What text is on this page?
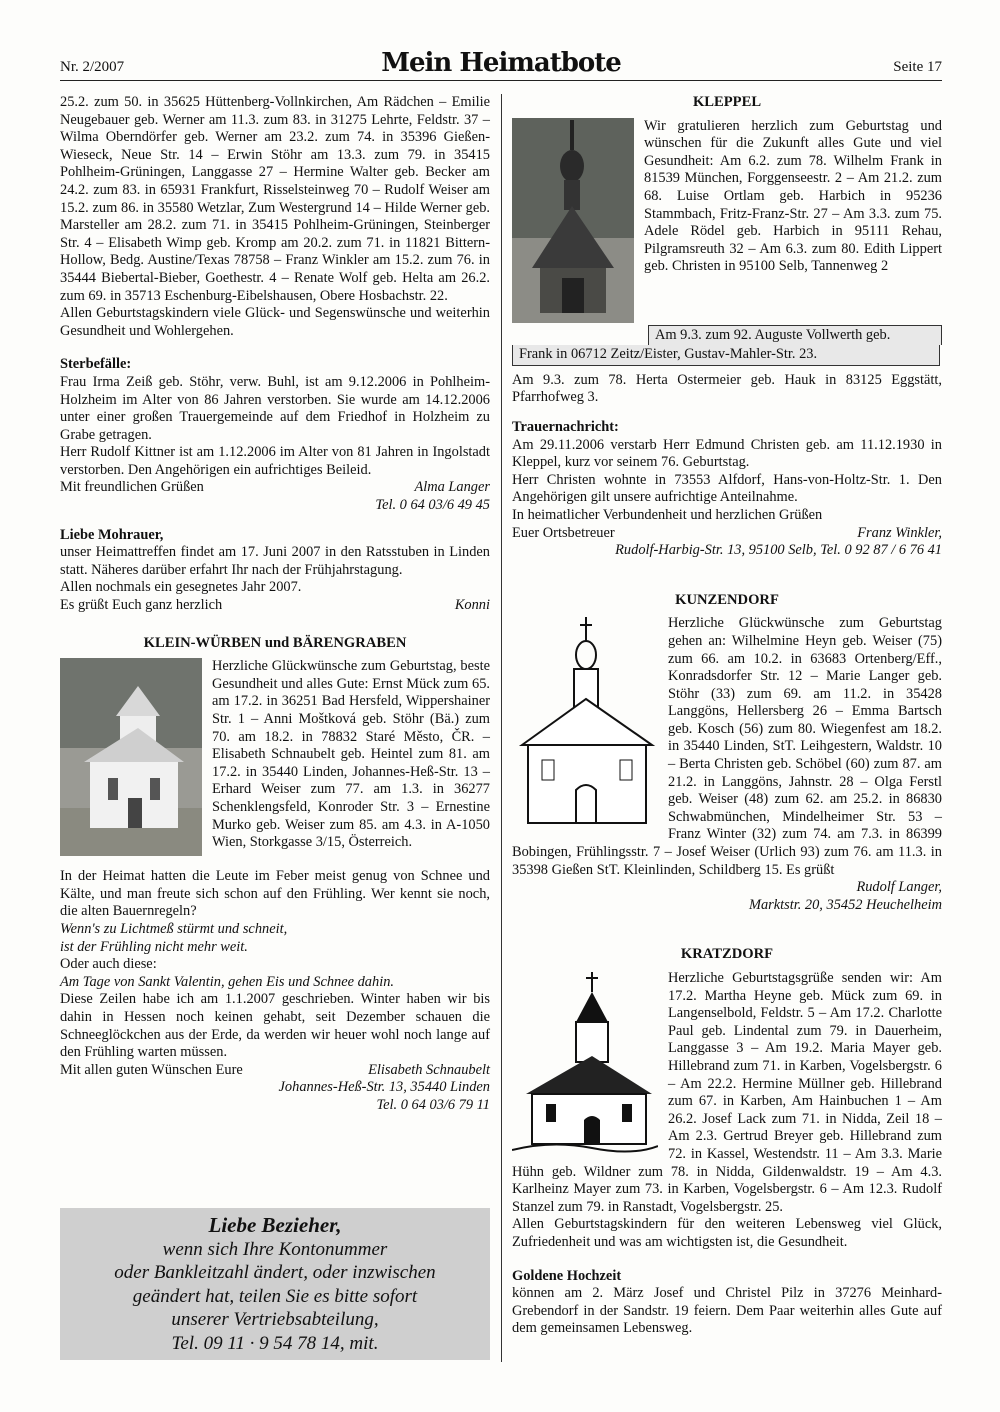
Nr. 2/2007	Mein Heimatbote	Seite 17

25.2. zum 50. in 35625 Hüttenberg-Vollnkirchen, Am Rädchen – Emilie Neugebauer geb. Werner am 11.3. zum 83. in 31275 Lehrte, Feldstr. 37 – Wilma Oberndörfer geb. Werner am 23.2. zum 74. in 35396 Gießen-Wieseck, Neue Str. 14 – Erwin Stöhr am 13.3. zum 79. in 35415 Pohlheim-Grüningen, Langgasse 27 – Hermine Walter geb. Becker am 24.2. zum 83. in 65931 Frankfurt, Risselsteinweg 70 – Rudolf Weiser am 15.2. zum 86. in 35580 Wetzlar, Zum Westergrund 14 – Hilde Werner geb. Marsteller am 28.2. zum 71. in 35415 Pohlheim-Grüningen, Steinberger Str. 4 – Elisabeth Wimp geb. Kromp am 20.2. zum 71. in 11821 Bittern-Hollow, Bedg. Austine/Texas 78758 – Franz Winkler am 15.2. zum 76. in 35444 Biebertal-Bieber, Goethestr. 4 – Renate Wolf geb. Helta am 26.2. zum 69. in 35713 Eschenburg-Eibelshausen, Obere Hosbachstr. 22.

Allen Geburtstagskindern viele Glück- und Segenswünsche und weiterhin Gesundheit und Wohlergehen.

Sterbefälle:

Frau Irma Zeiß geb. Stöhr, verw. Buhl, ist am 9.12.2006 in Pohlheim-Holzheim im Alter von 86 Jahren verstorben. Sie wurde am 14.12.2006 unter einer großen Trauergemeinde auf dem Friedhof in Holzheim zu Grabe getragen.

Herr Rudolf Kittner ist am 1.12.2006 im Alter von 81 Jahren in Ingolstadt verstorben. Den Angehörigen ein aufrichtiges Beileid.

Mit freundlichen Grüßen	Alma Langer

Tel. 0 64 03/6 49 45

Liebe Mohrauer,

unser Heimattreffen findet am 17. Juni 2007 in den Ratsstuben in Linden statt. Näheres darüber erfahrt Ihr nach der Frühjahrstagung.

Allen nochmals ein gesegnetes Jahr 2007.

Es grüßt Euch ganz herzlich	Konni

KLEIN-WÜRBEN und BÄRENGRABEN

Herzliche Glückwünsche zum Geburtstag, beste Gesundheit und alles Gute: Ernst Mück zum 65. am 17.2. in 36251 Bad Hersfeld, Wippershainer Str. 1 – Anni Moštková geb. Stöhr (Bä.) zum 70. am 18.2. in 78832 Staré Město, ČR. – Elisabeth Schnaubelt geb. Heintel zum 81. am 17.2. in 35440 Linden, Johannes-Heß-Str. 13 – Erhard Weiser zum 77. am 1.3. in 36277 Schenklengsfeld, Konroder Str. 3 – Ernestine Murko geb. Weiser zum 85. am 4.3. in A-1050 Wien, Storkgasse 3/15, Österreich.

In der Heimat hatten die Leute im Feber meist genug von Schnee und Kälte, und man freute sich schon auf den Frühling. Wer kennt sie noch, die alten Bauernregeln?

Wenn's zu Lichtmeß stürmt und schneit,

ist der Frühling nicht mehr weit.

Oder auch diese:

Am Tage von Sankt Valentin, gehen Eis und Schnee dahin.

Diese Zeilen habe ich am 1.1.2007 geschrieben. Winter haben wir bis dahin in Hessen noch keinen gehabt, seit Dezember schauen die Schneeglöckchen aus der Erde, da werden wir heuer wohl noch lange auf den Frühling warten müssen.

Mit allen guten Wünschen Eure	Elisabeth Schnaubelt

Johannes-Heß-Str. 13, 35440 Linden

Tel. 0 64 03/6 79 11

Liebe Bezieher,
wenn sich Ihre Kontonummer
oder Bankleitzahl ändert, oder inzwischen
geändert hat, teilen Sie es bitte sofort
unserer Vertriebsabteilung,
Tel. 09 11 · 9 54 78 14, mit.

KLEPPEL

Wir gratulieren herzlich zum Geburtstag und wünschen für die Zukunft alles Gute und viel Gesundheit: Am 6.2. zum 78. Wilhelm Frank in 81539 München, Forggenseestr. 2 – Am 21.2. zum 68. Luise Ortlam geb. Harbich in 95236 Stammbach, Fritz-Franz-Str. 27 – Am 3.3. zum 75. Adele Rödel geb. Harbich in 95111 Rehau, Pilgramsreuth 32 – Am 6.3. zum 80. Edith Lippert geb. Christen in 95100 Selb, Tannenweg 2

Am 9.3. zum 92. Auguste Vollwerth geb.
Frank in 06712 Zeitz/Eister, Gustav-Mahler-Str. 23.

Am 9.3. zum 78. Herta Ostermeier geb. Hauk in 83125 Eggstätt, Pfarrhofweg 3.

Trauernachricht:

Am 29.11.2006 verstarb Herr Edmund Christen geb. am 11.12.1930 in Kleppel, kurz vor seinem 76. Geburtstag.

Herr Christen wohnte in 73553 Alfdorf, Hans-von-Holtz-Str. 1. Den Angehörigen gilt unsere aufrichtige Anteilnahme.

In heimatlicher Verbundenheit und herzlichen Grüßen

Euer Ortsbetreuer	Franz Winkler,

Rudolf-Harbig-Str. 13, 95100 Selb, Tel. 0 92 87 / 6 76 41

KUNZENDORF

Herzliche Glückwünsche zum Geburtstag gehen an: Wilhelmine Heyn geb. Weiser (75) zum 66. am 10.2. in 63683 Ortenberg/Eff., Konradsdorfer Str. 12 – Marie Langer geb. Stöhr (33) zum 69. am 11.2. in 35428 Langgöns, Hellersberg 26 – Emma Bartsch geb. Kosch (56) zum 80. Wiegenfest am 18.2. in 35440 Linden, StT. Leihgestern, Waldstr. 10 – Berta Christen geb. Schöbel (60) zum 87. am 21.2. in Langgöns, Jahnstr. 28 – Olga Ferstl geb. Weiser (48) zum 62. am 25.2. in 86830 Schwabmünchen, Mindelheimer Str. 53 – Franz Winter (32) zum 74. am 7.3. in 86399 Bobingen, Frühlingsstr. 7 – Josef Weiser (Urlich 93) zum 76. am 11.3. in 35398 Gießen StT. Kleinlinden, Schildberg 15. Es grüßt

Rudolf Langer,

Marktstr. 20, 35452 Heuchelheim

KRATZDORF

Herzliche Geburtstagsgrüße senden wir: Am 17.2. Martha Heyne geb. Mück zum 69. in Langenselbold, Feldstr. 5 – Am 17.2. Charlotte Paul geb. Lindental zum 79. in Dauerheim, Langgasse 3 – Am 19.2. Maria Mayer geb. Hillebrand zum 71. in Karben, Vogelsbergstr. 6 – Am 22.2. Hermine Müllner geb. Hillebrand zum 67. in Karben, Am Hainbuchen 1 – Am 26.2. Josef Lack zum 71. in Nidda, Zeil 18 – Am 2.3. Gertrud Breyer geb. Hillebrand zum 72. in Kassel, Westendstr. 11 – Am 3.3. Marie Hühn geb. Wildner zum 78. in Nidda, Gildenwaldstr. 19 – Am 4.3. Karlheinz Mayer zum 73. in Karben, Vogelsbergstr. 6 – Am 12.3. Rudolf Stanzel zum 79. in Ranstadt, Vogelsbergstr. 25.

Allen Geburtstagskindern für den weiteren Lebensweg viel Glück, Zufriedenheit und was am wichtigsten ist, die Gesundheit.

Goldene Hochzeit

können am 2. März Josef und Christel Pilz in 37276 Meinhard-Grebendorf in der Sandstr. 19 feiern. Dem Paar weiterhin alles Gute auf dem gemeinsamen Lebensweg.
